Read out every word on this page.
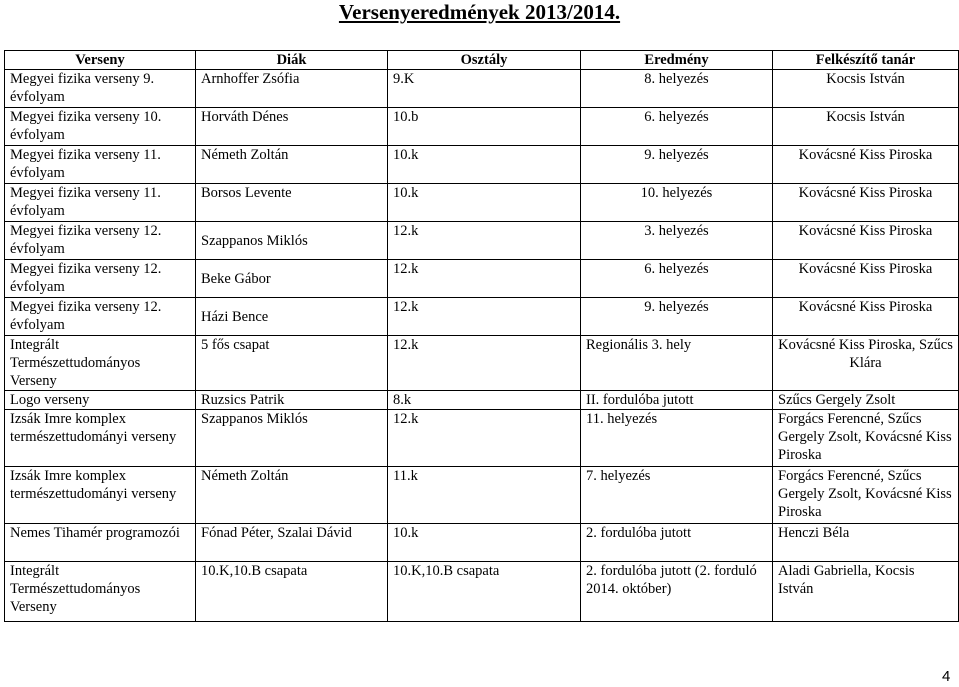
Versenyeredmények 2013/2014.
Verseny	Diák	Osztály	Eredmény	Felkészítő tanár
Megyei fizika verseny 9. évfolyam	Arnhoffer Zsófia	9.K	8. helyezés	Kocsis István
Megyei fizika verseny 10. évfolyam	Horváth Dénes	10.b	6. helyezés	Kocsis István
Megyei fizika verseny 11. évfolyam	Németh Zoltán	10.k	9. helyezés	Kovácsné Kiss Piroska
Megyei fizika verseny 11. évfolyam	Borsos Levente	10.k	10. helyezés	Kovácsné Kiss Piroska
Megyei fizika verseny 12. évfolyam	Szappanos Miklós	12.k	3. helyezés	Kovácsné Kiss Piroska
Megyei fizika verseny 12. évfolyam	Beke Gábor	12.k	6. helyezés	Kovácsné Kiss Piroska
Megyei fizika verseny 12. évfolyam	Házi Bence	12.k	9. helyezés	Kovácsné Kiss Piroska
Integrált Természettudományos Verseny	5 fős csapat	12.k	Regionális 3. hely	Kovácsné Kiss Piroska, Szűcs Klára
Logo verseny	Ruzsics Patrik	8.k	II. fordulóba jutott	Szűcs Gergely Zsolt
Izsák Imre komplex természettudományi verseny	Szappanos Miklós	12.k	11. helyezés	Forgács Ferencné, Szűcs Gergely Zsolt, Kovácsné Kiss Piroska
Izsák Imre komplex természettudományi verseny	Németh Zoltán	11.k	7. helyezés	Forgács Ferencné, Szűcs Gergely Zsolt, Kovácsné Kiss Piroska
Nemes Tihamér programozói	Fónad Péter, Szalai Dávid	10.k	2. fordulóba jutott	Henczi Béla
Integrált Természettudományos Verseny	10.K,10.B csapata	10.K,10.B csapata	2. fordulóba jutott (2. forduló 2014. október)	Aladi Gabriella, Kocsis István
4
